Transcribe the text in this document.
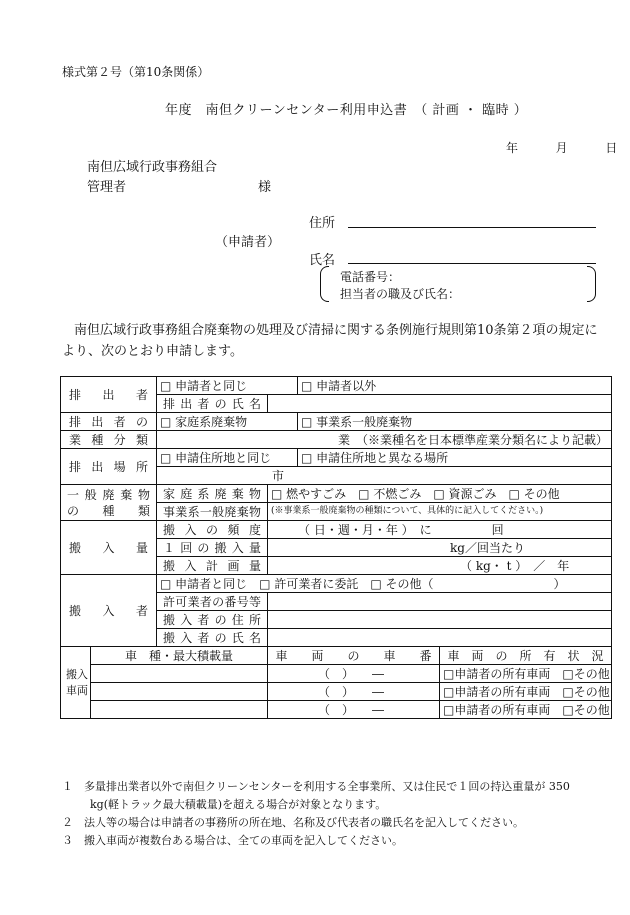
様式第２号（第10条関係）
年度　南但クリーンセンター利用申込書　（ 計画 ・ 臨時 ）
年	月	日
南但広域行政事務組合
管理者	様
住所
（申請者）
氏名
電話番号：
担当者の職及び氏名：
南但広域行政事務組合廃棄物の処理及び清掃に関する条例施行規則第10条第２項の規定により、次のとおり申請します。
排出者		□ 申請者と同じ		□ 申請者以外	
		排出者の氏名			
排出者の		□ 家庭系廃棄物		□ 事業系一般廃棄物	
業種分類		業　（※業種名を日本標準産業分類名により記載）			
排出場所		□ 申請住所地と同じ		□ 申請住所地と異なる場所	
		市			

一般廃棄物
の　種　類		家庭系廃棄物	□ 燃やすごみ　□ 不燃ごみ　□ 資源ごみ　□ その他		
		事業系一般廃棄物	(※事業系一般廃棄物の種類について、具体的に記入してください。)		
搬入量		搬入の頻度	（ 日・週・月・年 ）　に　　　　　回		
		１回の搬入量	kg／回当たり		
		搬入計画量	（ kg・ t ）　／　年		
搬入者		□ 申請者と同じ　□ 許可業者に委託　□ その他（　　　　　　　　　　）			
		許可業者の番号等			
		搬入者の住所			
		搬入者の氏名			

搬入
車両	車　種・最大積載量		車　　両　　の　　車　　番		車　両　の　所　有　状　況
			（　）　　―		□申請者の所有車両　□その他
			（　）　　―		□申請者の所有車両　□その他
			（　）　　―		□申請者の所有車両　□その他
１　多量排出業者以外で南但クリーンセンターを利用する全事業所、又は住民で１回の持込重量が 350
kg(軽トラック最大積載量)を超える場合が対象となります。
２　法人等の場合は申請者の事務所の所在地、名称及び代表者の職氏名を記入してください。
３　搬入車両が複数台ある場合は、全ての車両を記入してください。
